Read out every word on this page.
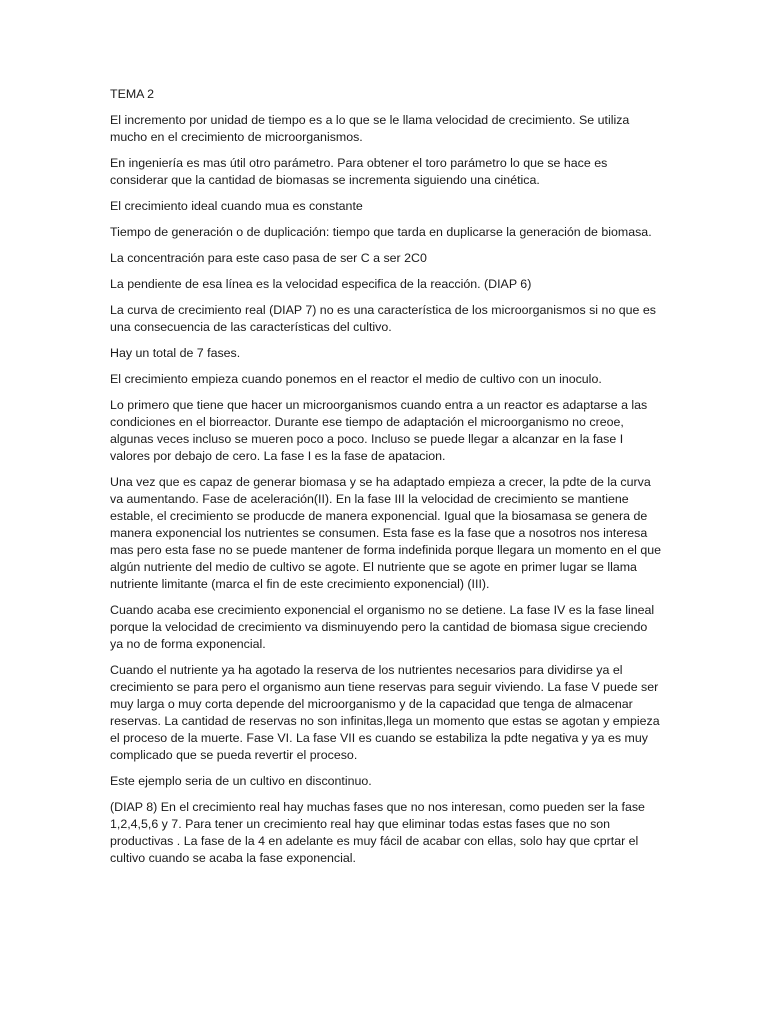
TEMA 2

El incremento por unidad de tiempo es a lo que se le llama velocidad de crecimiento. Se utiliza mucho en el crecimiento de microorganismos.

En ingeniería es mas útil otro parámetro. Para obtener el toro parámetro lo que se hace es considerar que la cantidad de biomasas se incrementa siguiendo una cinética.

El crecimiento ideal cuando mua es constante

Tiempo de generación o de duplicación: tiempo que tarda en duplicarse la generación de biomasa.

La concentración para este caso pasa de ser C a ser 2C0

La pendiente de esa línea es la velocidad especifica de la reacción. (DIAP 6)

La curva de crecimiento real (DIAP 7) no es una característica de los microorganismos si no que es una consecuencia de las características del cultivo.

Hay un total de 7 fases.

El crecimiento empieza cuando ponemos en el reactor el medio de cultivo con un inoculo.

Lo primero que tiene que hacer un microorganismos cuando entra a un reactor es adaptarse a las condiciones en el biorreactor. Durante ese tiempo de adaptación el microorganismo no creoe, algunas veces incluso se mueren poco a poco. Incluso se puede llegar a alcanzar en la fase I valores por debajo de cero. La fase I es la fase de apatacion.

Una vez que es capaz de generar biomasa y se ha adaptado empieza a crecer, la pdte de la curva va aumentando. Fase de aceleración(II). En la fase III la velocidad de crecimiento se mantiene estable, el crecimiento se producde de manera exponencial. Igual que la biosamasa se genera de manera exponencial los nutrientes se consumen. Esta fase es la fase que a nosotros nos interesa mas pero esta fase no se puede mantener de forma indefinida porque llegara un momento en el que algún nutriente del medio de cultivo se agote. El nutriente que se agote en primer lugar se llama nutriente limitante (marca el fin de este crecimiento exponencial) (III).

Cuando acaba ese crecimiento exponencial el organismo no se detiene. La fase IV es la fase lineal porque la velocidad de crecimiento va disminuyendo pero la cantidad de biomasa sigue creciendo ya no de forma exponencial.

Cuando el nutriente ya ha agotado la reserva de los nutrientes necesarios para dividirse ya el crecimiento se para pero el organismo aun tiene reservas para seguir viviendo. La fase V puede ser muy larga o muy corta depende del microorganismo y de la capacidad que tenga de almacenar reservas. La cantidad de reservas no son infinitas,llega un momento que estas se agotan y empieza el proceso de la muerte. Fase VI. La fase VII es cuando se estabiliza la pdte negativa y ya es muy complicado que se pueda revertir el proceso.

Este ejemplo seria de un cultivo en discontinuo.

(DIAP 8) En el crecimiento real hay muchas fases que no nos interesan, como pueden ser la fase 1,2,4,5,6 y 7. Para tener un crecimiento real hay que eliminar todas estas fases que no son productivas . La fase de la 4 en adelante es muy fácil de acabar con ellas, solo hay que cprtar el cultivo cuando se acaba la fase exponencial.
